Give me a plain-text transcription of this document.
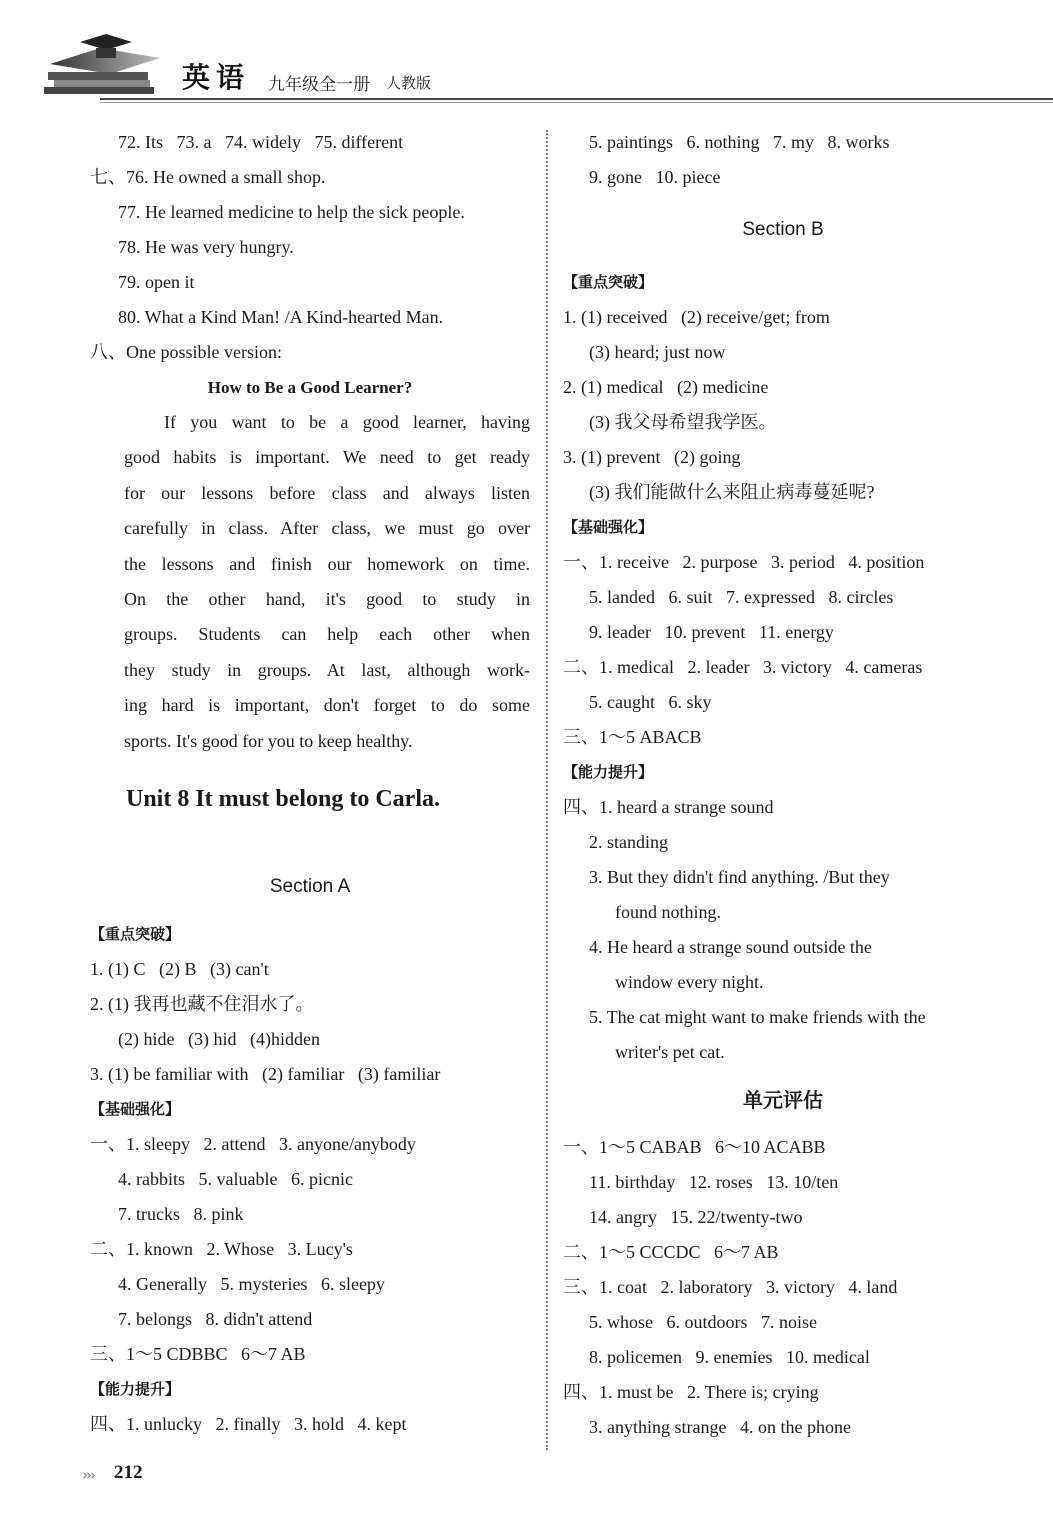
英语 九年级全一册 人教版
72. Its   73. a   74. widely   75. different
七、76. He owned a small shop.
77. He learned medicine to help the sick people.
78. He was very hungry.
79. open it
80. What a Kind Man! /A Kind-hearted Man.
八、One possible version:
How to Be a Good Learner?
If you want to be a good learner, having
good habits is important. We need to get ready
for our lessons before class and always listen
carefully in class. After class, we must go over
the lessons and finish our homework on time.
On the other hand, it's good to study in
groups. Students can help each other when
they study in groups. At last, although work-
ing hard is important, don't forget to do some
sports. It's good for you to keep healthy.
Unit 8 It must belong to Carla.
Section A
【重点突破】
1. (1) C   (2) B   (3) can't
2. (1) 我再也藏不住泪水了。
(2) hide   (3) hid   (4)hidden
3. (1) be familiar with   (2) familiar   (3) familiar
【基础强化】
一、1. sleepy   2. attend   3. anyone/anybody
4. rabbits   5. valuable   6. picnic
7. trucks   8. pink
二、1. known   2. Whose   3. Lucy's
4. Generally   5. mysteries   6. sleepy
7. belongs   8. didn't attend
三、1～5 CDBBC   6～7 AB
【能力提升】
四、1. unlucky   2. finally   3. hold   4. kept
5. paintings   6. nothing   7. my   8. works
9. gone   10. piece
Section B
【重点突破】
1. (1) received   (2) receive/get; from
(3) heard; just now
2. (1) medical   (2) medicine
(3) 我父母希望我学医。
3. (1) prevent   (2) going
(3) 我们能做什么来阻止病毒蔓延呢?
【基础强化】
一、1. receive   2. purpose   3. period   4. position
5. landed   6. suit   7. expressed   8. circles
9. leader   10. prevent   11. energy
二、1. medical   2. leader   3. victory   4. cameras
5. caught   6. sky
三、1～5 ABACB
【能力提升】
四、1. heard a strange sound
2. standing
3. But they didn't find anything. /But they
found nothing.
4. He heard a strange sound outside the
window every night.
5. The cat might want to make friends with the
writer's pet cat.
单元评估
一、1～5 CABAB   6～10 ACABB
11. birthday   12. roses   13. 10/ten
14. angry   15. 22/twenty-two
二、1～5 CCCDC   6～7 AB
三、1. coat   2. laboratory   3. victory   4. land
5. whose   6. outdoors   7. noise
8. policemen   9. enemies   10. medical
四、1. must be   2. There is; crying
3. anything strange   4. on the phone
››› 212
